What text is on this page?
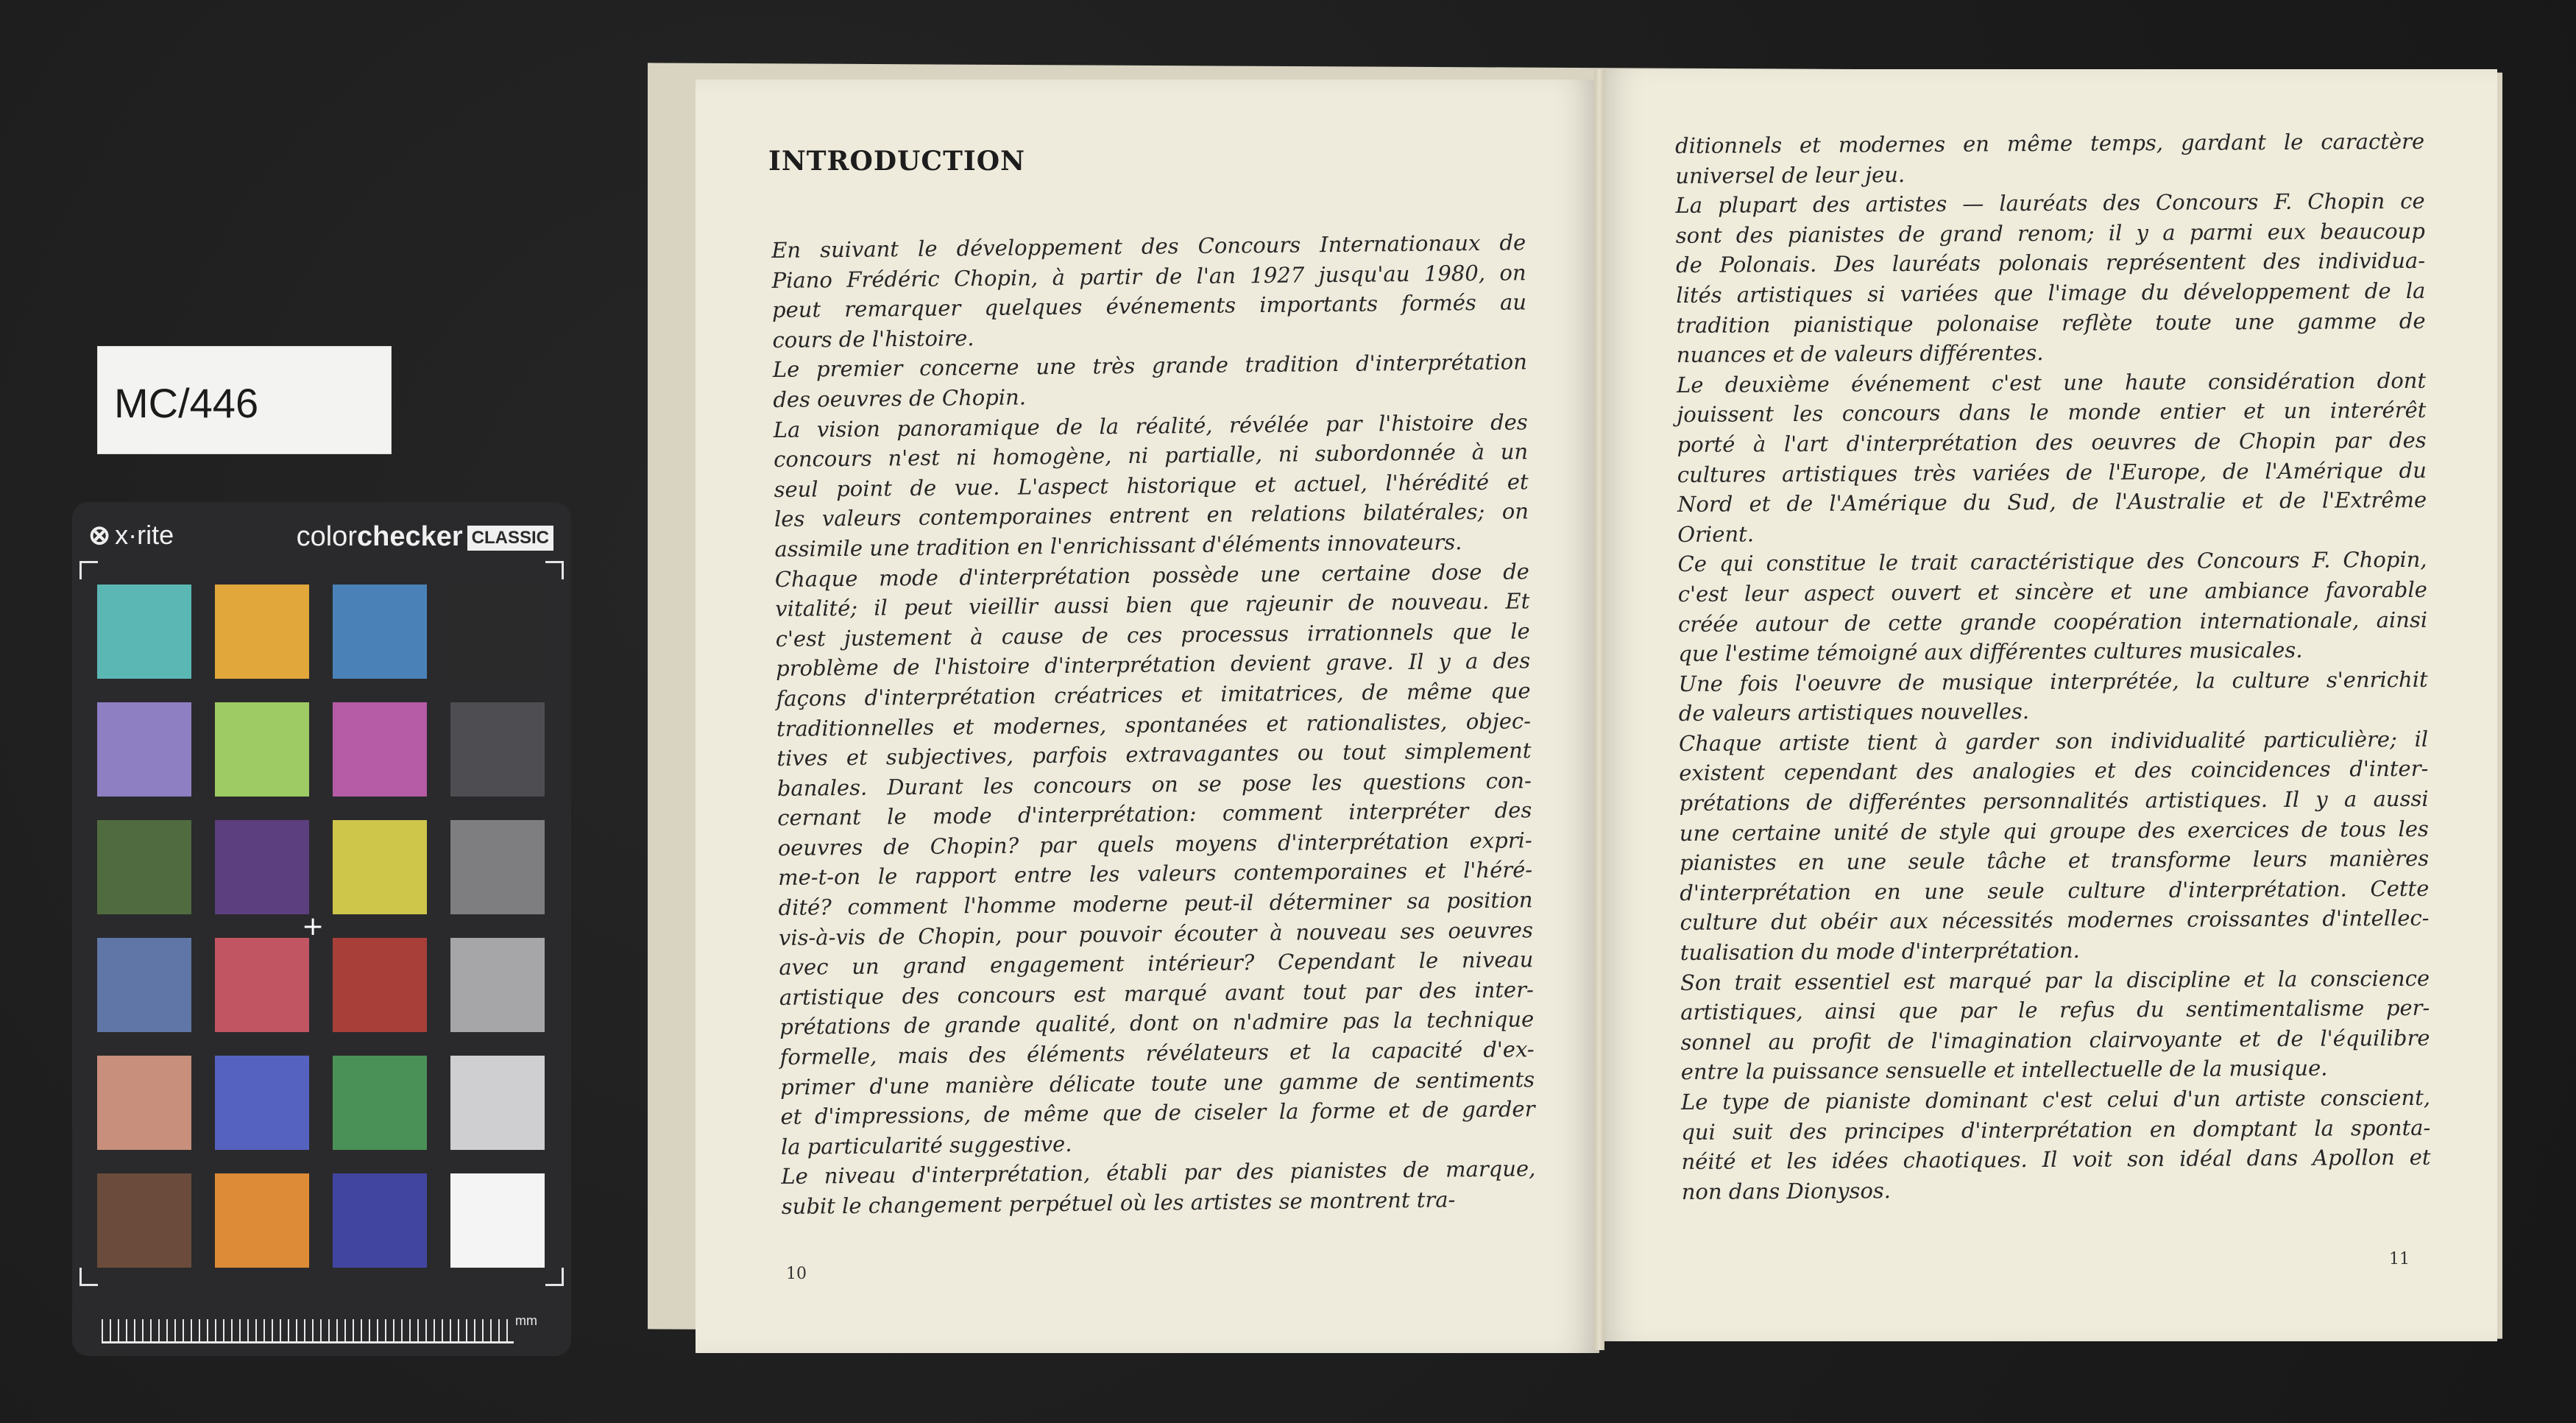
MC/446
⊗ x·rite	colorchecker CLASSIC
+
mm
INTRODUCTION

En suivant le développement des Concours Internationaux de

Piano Frédéric Chopin, à partir de l'an 1927 jusqu'au 1980, on

peut remarquer quelques événements importants formés au

cours de l'histoire.

Le premier concerne une très grande tradition d'interprétation

des oeuvres de Chopin.

La vision panoramique de la réalité, révélée par l'histoire des

concours n'est ni homogène, ni partialle, ni subordonnée à un

seul point de vue. L'aspect historique et actuel, l'hérédité et

les valeurs contemporaines entrent en relations bilatérales; on

assimile une tradition en l'enrichissant d'éléments innovateurs.

Chaque mode d'interprétation possède une certaine dose de

vitalité; il peut vieillir aussi bien que rajeunir de nouveau. Et

c'est justement à cause de ces processus irrationnels que le

problème de l'histoire d'interprétation devient grave. Il y a des

façons d'interprétation créatrices et imitatrices, de même que

traditionnelles et modernes, spontanées et rationalistes, objec-

tives et subjectives, parfois extravagantes ou tout simplement

banales. Durant les concours on se pose les questions con-

cernant le mode d'interprétation: comment interpréter des

oeuvres de Chopin? par quels moyens d'interprétation expri-

me-t-on le rapport entre les valeurs contemporaines et l'héré-

dité? comment l'homme moderne peut-il déterminer sa position

vis-à-vis de Chopin, pour pouvoir écouter à nouveau ses oeuvres

avec un grand engagement intérieur? Cependant le niveau

artistique des concours est marqué avant tout par des inter-

prétations de grande qualité, dont on n'admire pas la technique

formelle, mais des éléments révélateurs et la capacité d'ex-

primer d'une manière délicate toute une gamme de sentiments

et d'impressions, de même que de ciseler la forme et de garder

la particularité suggestive.

Le niveau d'interprétation, établi par des pianistes de marque,

subit le changement perpétuel où les artistes se montrent tra-

ditionnels et modernes en même temps, gardant le caractère

universel de leur jeu.

La plupart des artistes — lauréats des Concours F. Chopin ce

sont des pianistes de grand renom; il y a parmi eux beaucoup

de Polonais. Des lauréats polonais représentent des individua-

lités artistiques si variées que l'image du développement de la

tradition pianistique polonaise reflète toute une gamme de

nuances et de valeurs différentes.

Le deuxième événement c'est une haute considération dont

jouissent les concours dans le monde entier et un interérêt

porté à l'art d'interprétation des oeuvres de Chopin par des

cultures artistiques très variées de l'Europe, de l'Amérique du

Nord et de l'Amérique du Sud, de l'Australie et de l'Extrême

Orient.

Ce qui constitue le trait caractéristique des Concours F. Chopin,

c'est leur aspect ouvert et sincère et une ambiance favorable

créée autour de cette grande coopération internationale, ainsi

que l'estime témoigné aux différentes cultures musicales.

Une fois l'oeuvre de musique interprétée, la culture s'enrichit

de valeurs artistiques nouvelles.

Chaque artiste tient à garder son individualité particulière; il

existent cependant des analogies et des coincidences d'inter-

prétations de differéntes personnalités artistiques. Il y a aussi

une certaine unité de style qui groupe des exercices de tous les

pianistes en une seule tâche et transforme leurs manières

d'interprétation en une seule culture d'interprétation. Cette

culture dut obéir aux nécessités modernes croissantes d'intellec-

tualisation du mode d'interprétation.

Son trait essentiel est marqué par la discipline et la conscience

artistiques, ainsi que par le refus du sentimentalisme per-

sonnel au profit de l'imagination clairvoyante et de l'équilibre

entre la puissance sensuelle et intellectuelle de la musique.

Le type de pianiste dominant c'est celui d'un artiste conscient,

qui suit des principes d'interprétation en domptant la sponta-

néité et les idées chaotiques. Il voit son idéal dans Apollon et

non dans Dionysos.

10
11
